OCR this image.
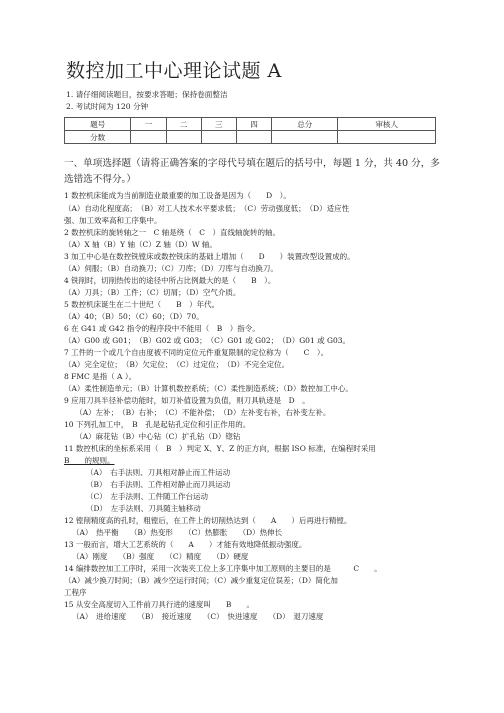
数控加工中心理论试题 A
1. 请仔细阅读题目，按要求答题；保持卷面整洁
2. 考试时间为 120 分钟
题号	一	二	三	四	总分	审核人
分数						
一、单项选择题（请将正确答案的字母代号填在题后的括号中，每题 1 分，共 40 分，多选错选不得分。）
1 数控机床能成为当前制造业最重要的加工设备是因为（　　D　）。
（A）自动化程度高；　（B）对工人技术水平要求低；　（C）劳动强度低；　（D）适应性
强、加工效率高和工序集中。
2 数控机床的旋转轴之一　C 轴是绕（　C　）直线轴旋转的轴。
（A）X 轴（B）Y 轴（C）Z 轴（D）W 轴。
3 加工中心是在数控铣镗床或数控铣床的基础上增加（　　D　　）装置改型设置成的。
（A）伺服；（B）自动换刀；（C）刀库；（D）刀库与自动换刀。
4 铣削时，切削热传出的途径中所占比例最大的是（　　B　）。
（A）刀具；（B）工件；（C）切屑；（D）空气介质。
5 数控机床诞生在二十世纪（　　B　）年代。
（A）40；（B）50；（C）60；（D）70。
6 在 G41 或 G42 指令的程序段中不能用（　B　）指令。
（A）G00 或 G01；　（B）G02 或 G03；　（C）G01 或 G02；　（D）G01 或 G03。
7 工件的一个或几个自由度被不同的定位元件重复限制的定位称为（　　C　）。
（A）完全定位；　（B）欠定位；　（C）过定位；　（D）不完全定位。
8 FMC 是指（ A ）。
（A）柔性制造单元；（B）计算机数控系统；（C）柔性制造系统；（D）数控加工中心。
9 应用刀具半径补偿功能时，如刀补值设置为负值，则刀具轨迹是　D　。
　　（A）左补；　（B）右补；　（C）不能补偿；　（D）左补变右补，右补变左补。
10 下列孔加工中，　B　孔是起钻孔定位和引正作用的。
　　（A）麻花钻（B）中心钻（C）扩孔钻（D）锪钻
11 数控机床的坐标系采用（　B　）判定 X、Y、Z 的正方向，根据 ISO 标准，在编程时采用
B　　的规则。
（A）　右手法则、刀具相对静止而工件运动
（B）　右手法则、工件相对静止而刀具运动
（C）　左手法则、工件随工作台运动
（D）　左手法则、刀具随主轴移动
12 镗削精度高的孔时，粗镗后，在工件上的切削热达到（　　A　　）后再进行精镗。
（A）　热平衡　　（B）热变形　　（C）热膨胀　　（D）热伸长
13 一般而言，增大工艺系统的（　　A　　）才能有效地降低振动强度。
（A）刚度　　（B）强度　　（C）精度　　（D）硬度
14 编排数控加工工序时，采用一次装夹工位上多工序集中加工原则的主要目的是　　　C　　。
（A）减少换刀时间；（B）减少空运行时间；（C）减少重复定位误差；（D）简化加
工程序
15 从安全高度切入工件前刀具行进的速度叫　　B　　。
（A）　进给速度　　（B）　接近速度　　（C）　快进速度　　（D）　退刀速度
